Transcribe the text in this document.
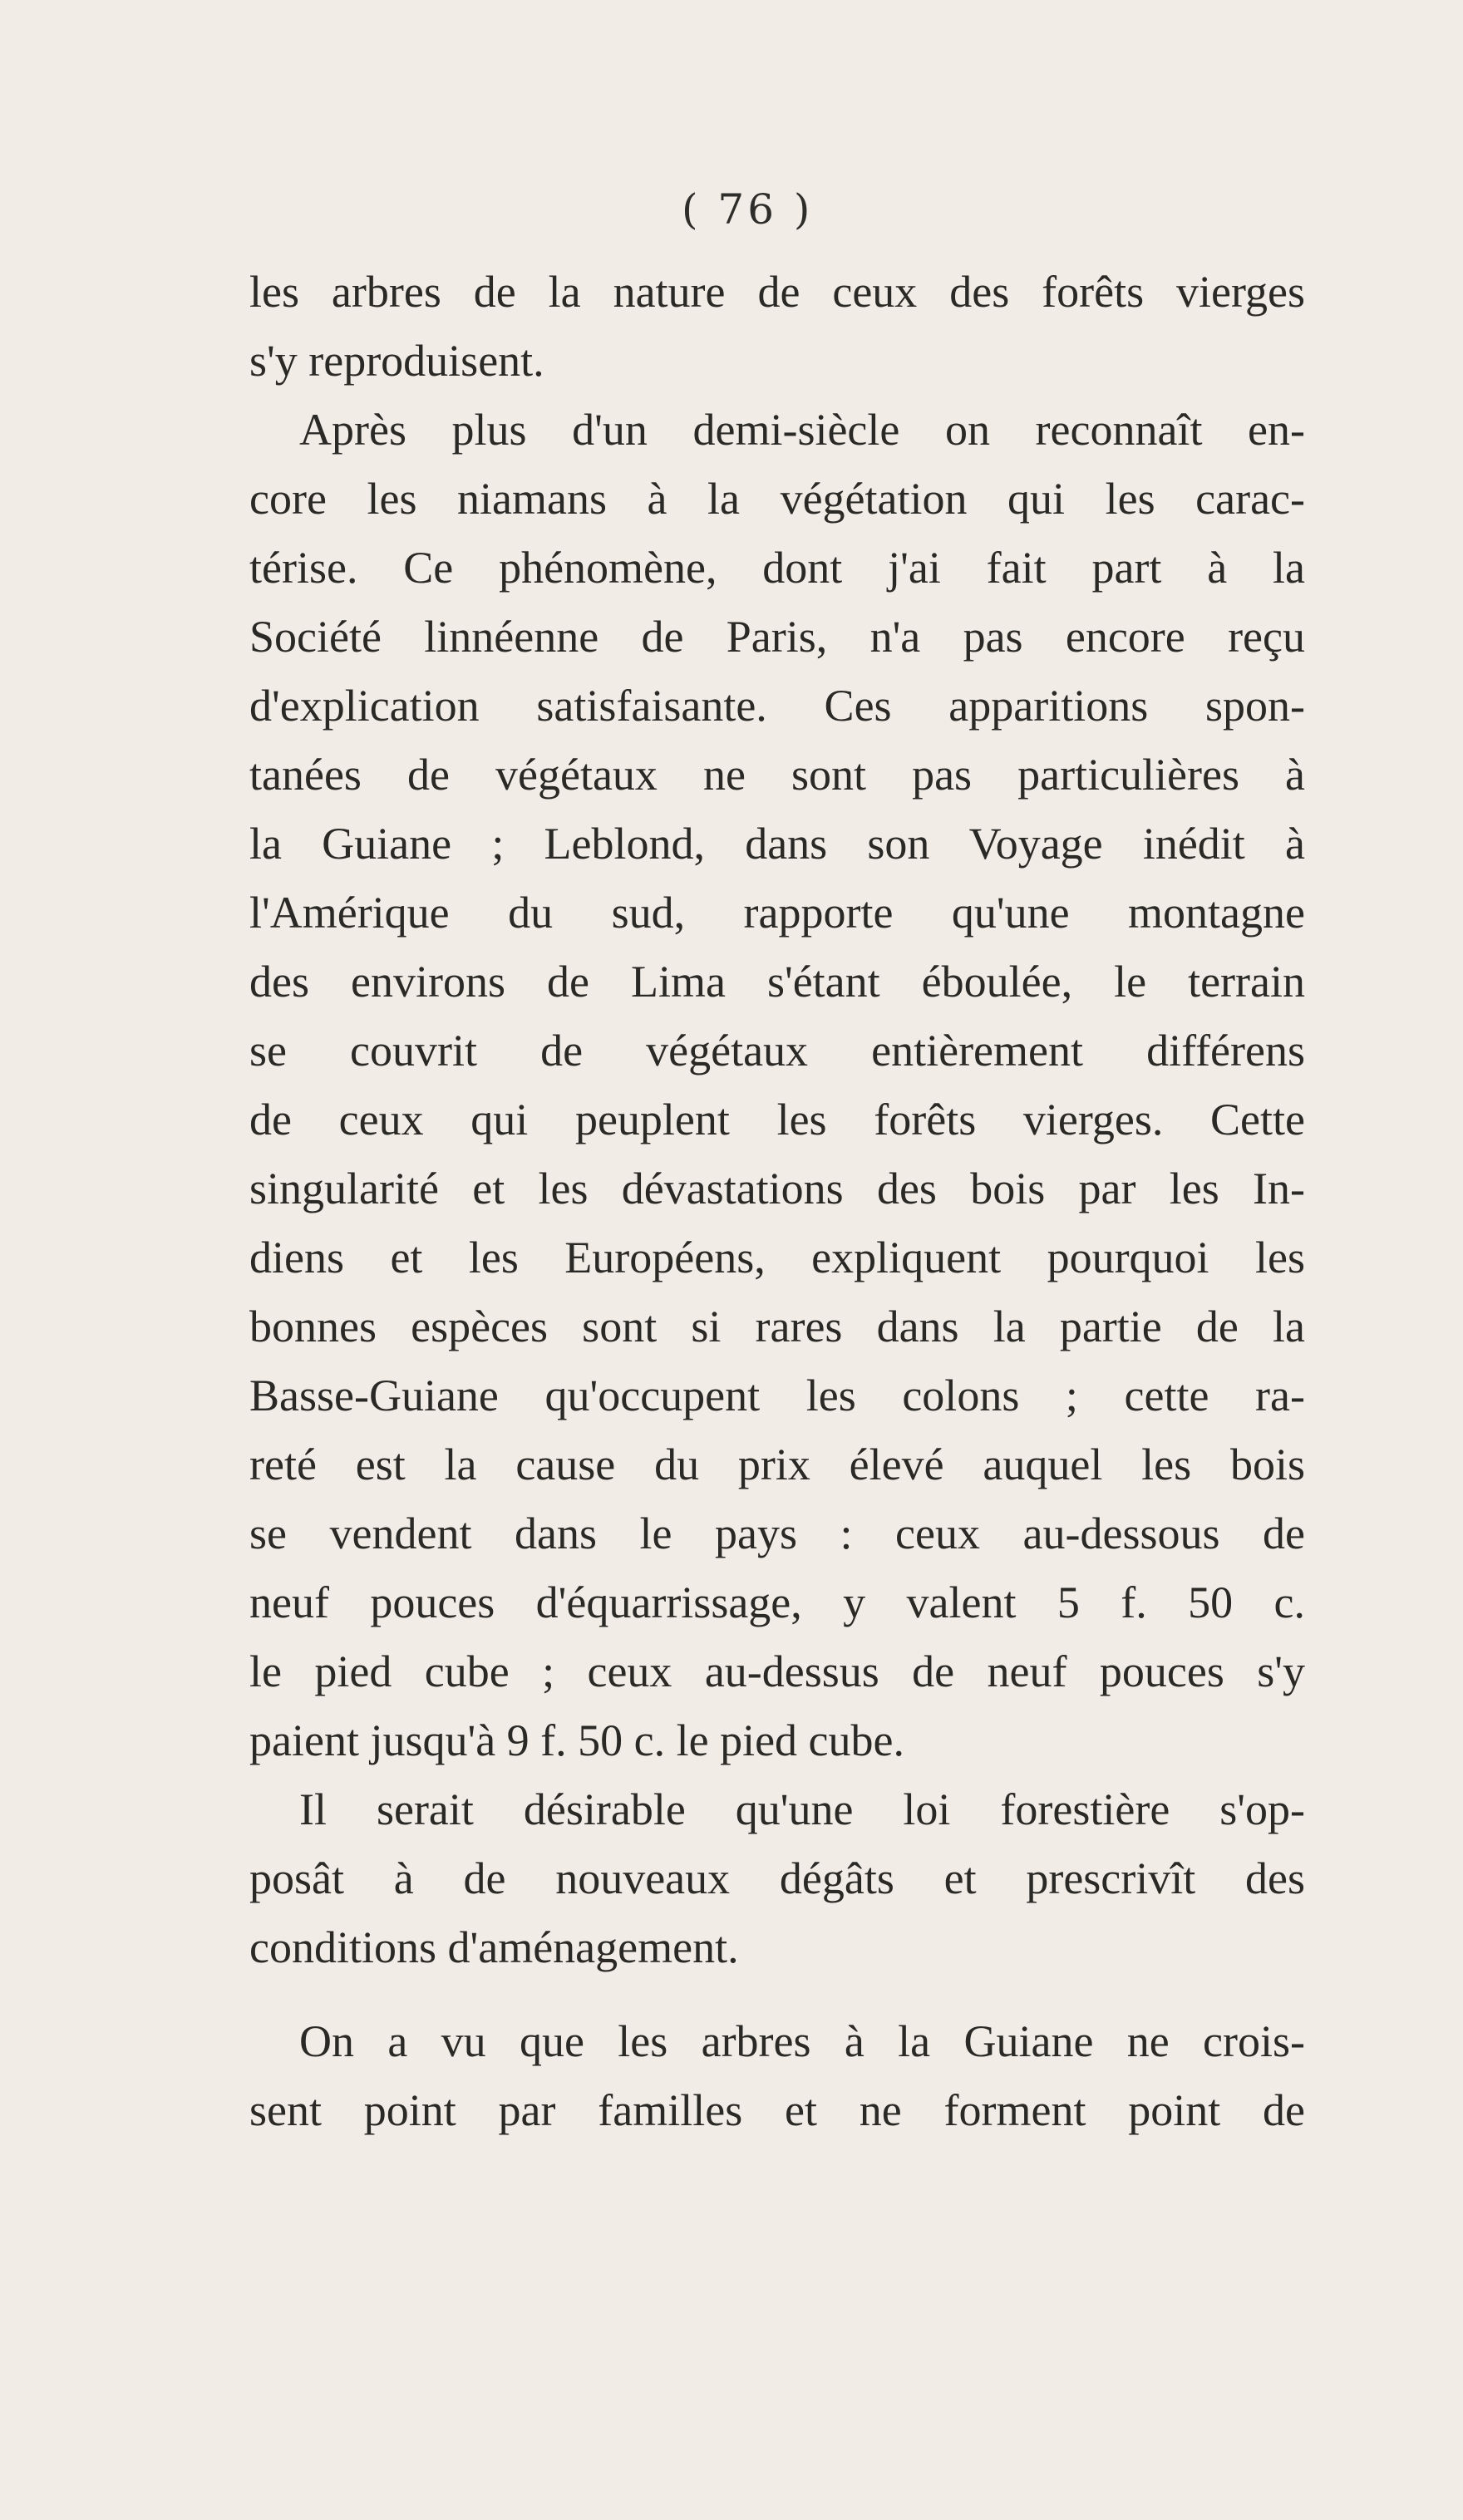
( 76 )
les arbres de la nature de ceux des forêts vierges
s'y reproduisent.
Après plus d'un demi-siècle on reconnaît en-
core les niamans à la végétation qui les carac-
térise. Ce phénomène, dont j'ai fait part à la
Société linnéenne de Paris, n'a pas encore reçu
d'explication satisfaisante. Ces apparitions spon-
tanées de végétaux ne sont pas particulières à
la Guiane ; Leblond, dans son Voyage inédit à
l'Amérique du sud, rapporte qu'une montagne
des environs de Lima s'étant éboulée, le terrain
se couvrit de végétaux entièrement différens
de ceux qui peuplent les forêts vierges. Cette
singularité et les dévastations des bois par les In-
diens et les Européens, expliquent pourquoi les
bonnes espèces sont si rares dans la partie de la
Basse-Guiane qu'occupent les colons ; cette ra-
reté est la cause du prix élevé auquel les bois
se vendent dans le pays : ceux au-dessous de
neuf pouces d'équarrissage, y valent 5 f. 50 c.
le pied cube ; ceux au-dessus de neuf pouces s'y
paient jusqu'à 9 f. 50 c. le pied cube.
Il serait désirable qu'une loi forestière s'op-
posât à de nouveaux dégâts et prescrivît des
conditions d'aménagement.
On a vu que les arbres à la Guiane ne crois-
sent point par familles et ne forment point de
